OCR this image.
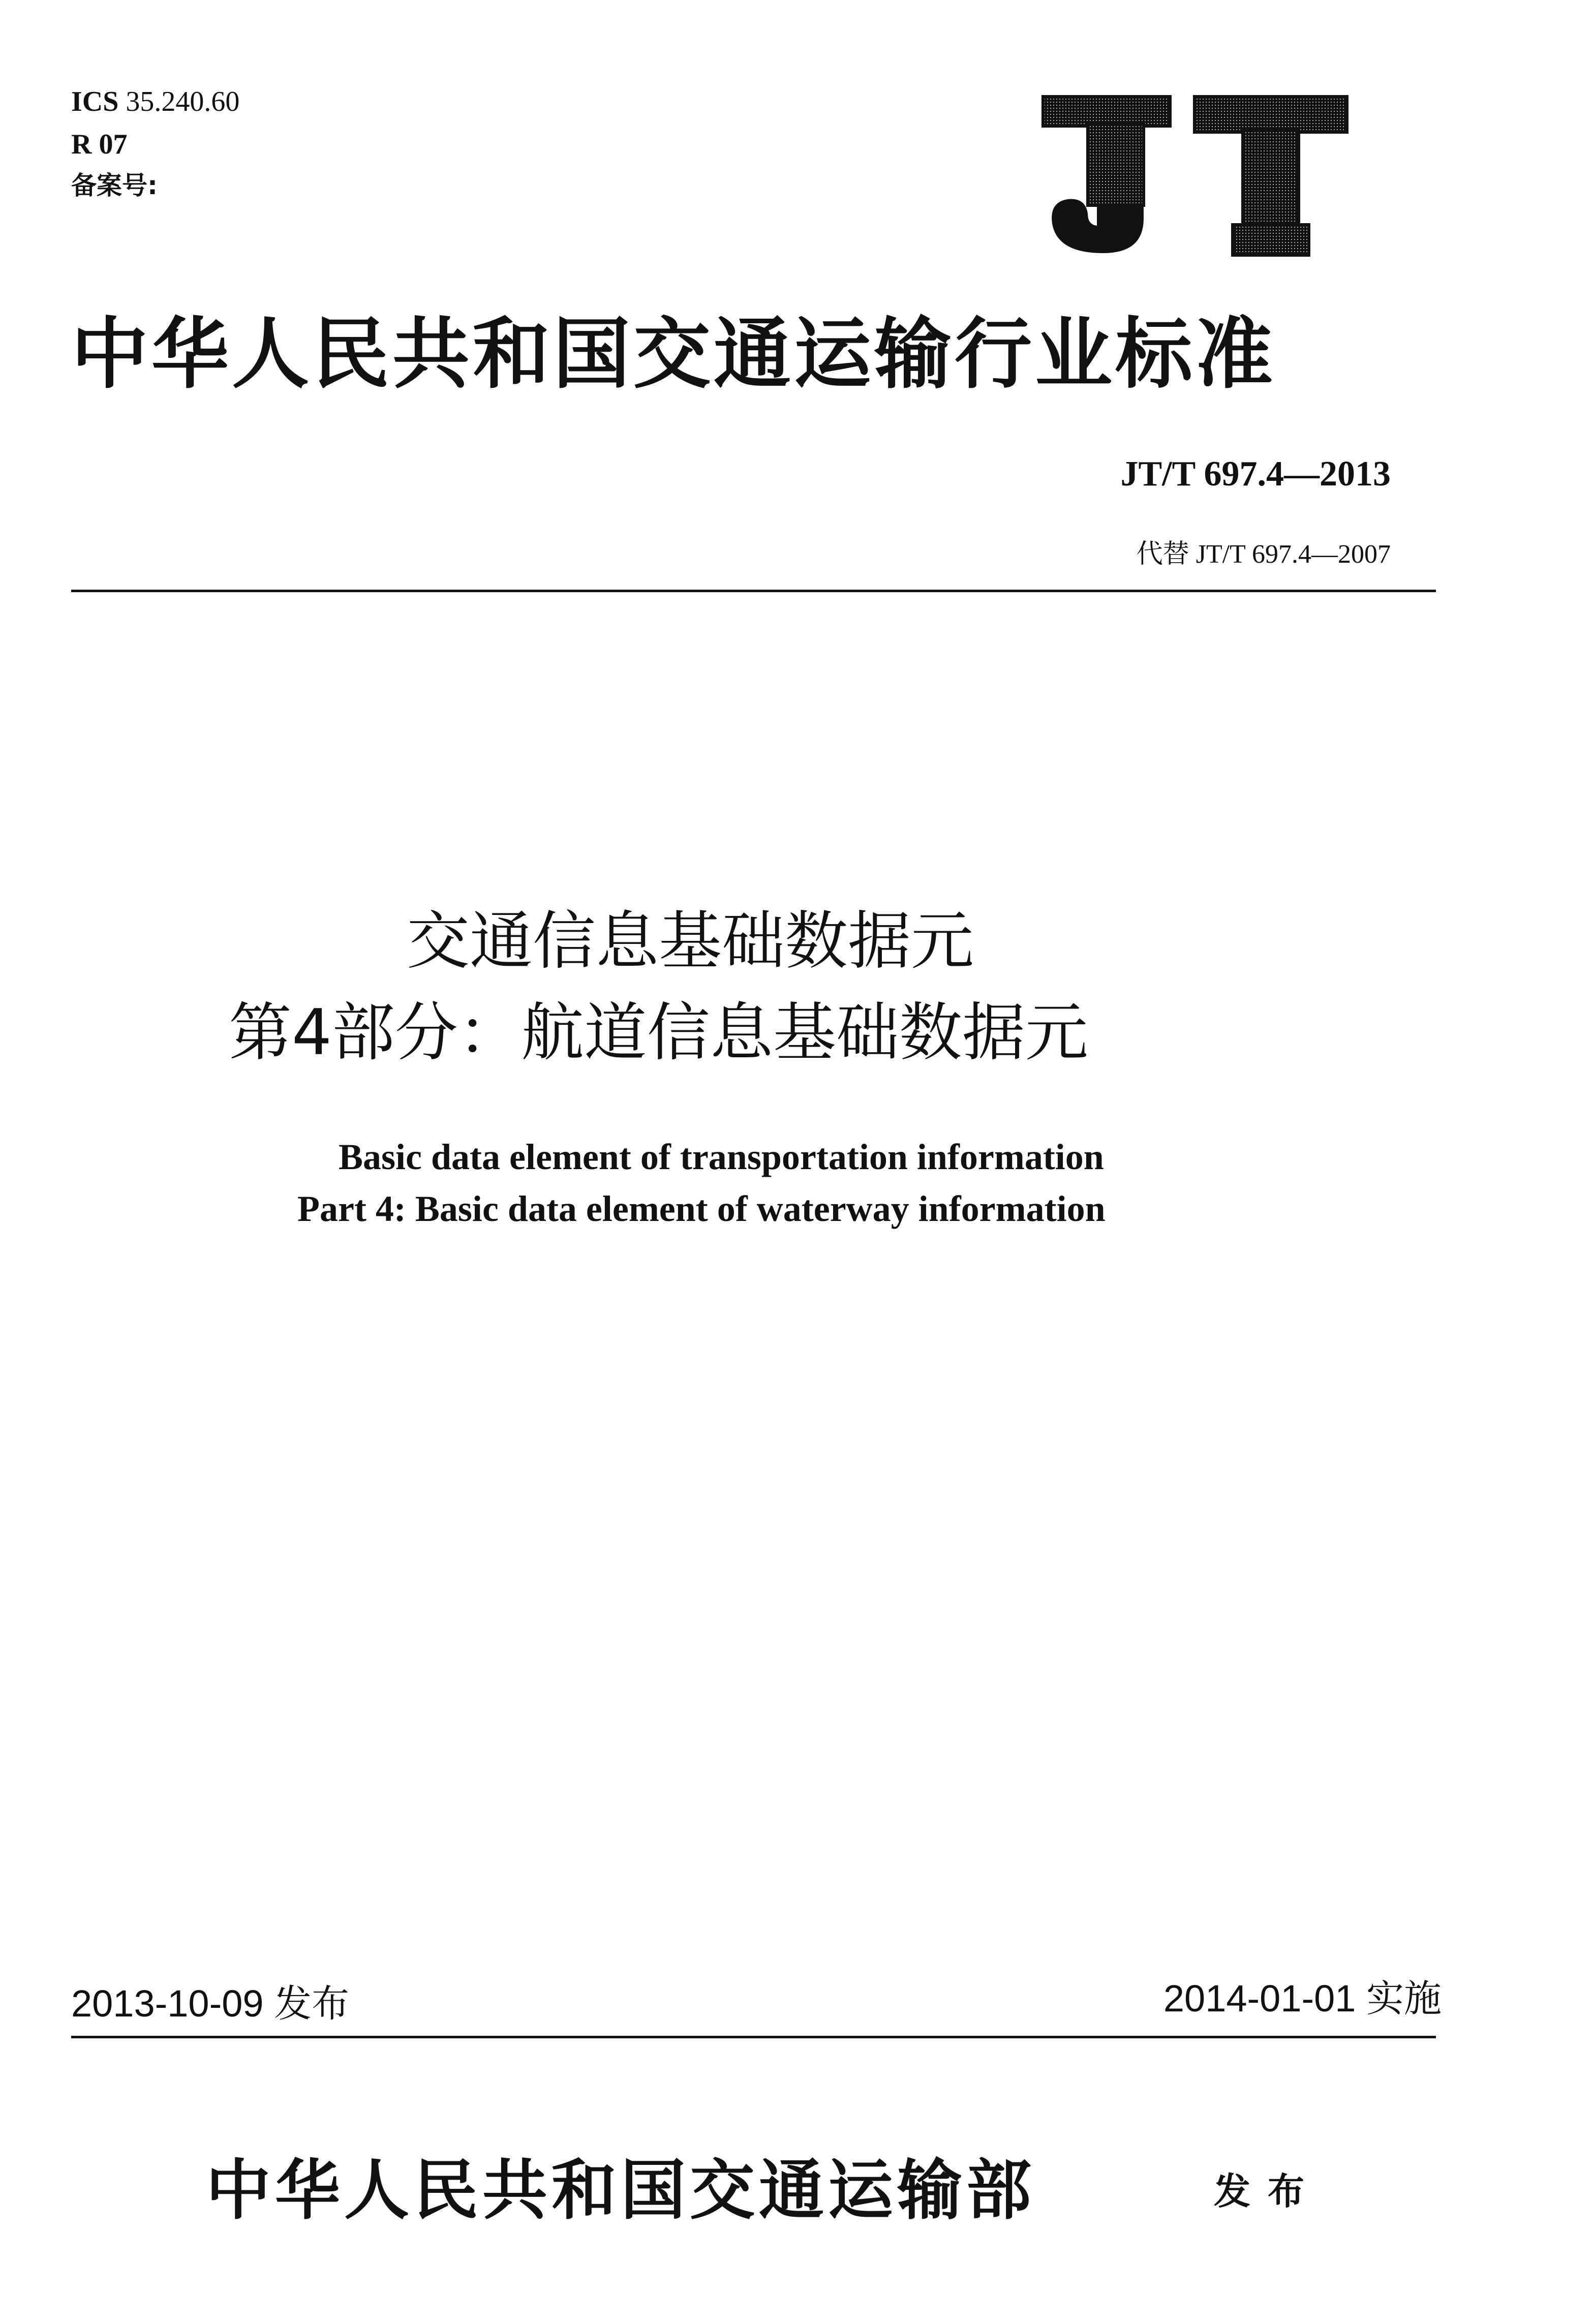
ICS 35.240.60
R 07
备案号:
中华人民共和国交通运输行业标准
JT/T 697.4—2013
代替 JT/T 697.4—2007
交通信息基础数据元
第4部分：航道信息基础数据元
Basic data element of transportation information
Part 4: Basic data element of waterway information
2013-10-09 发布	2014-01-01 实施
中华人民共和国交通运输部	发布
